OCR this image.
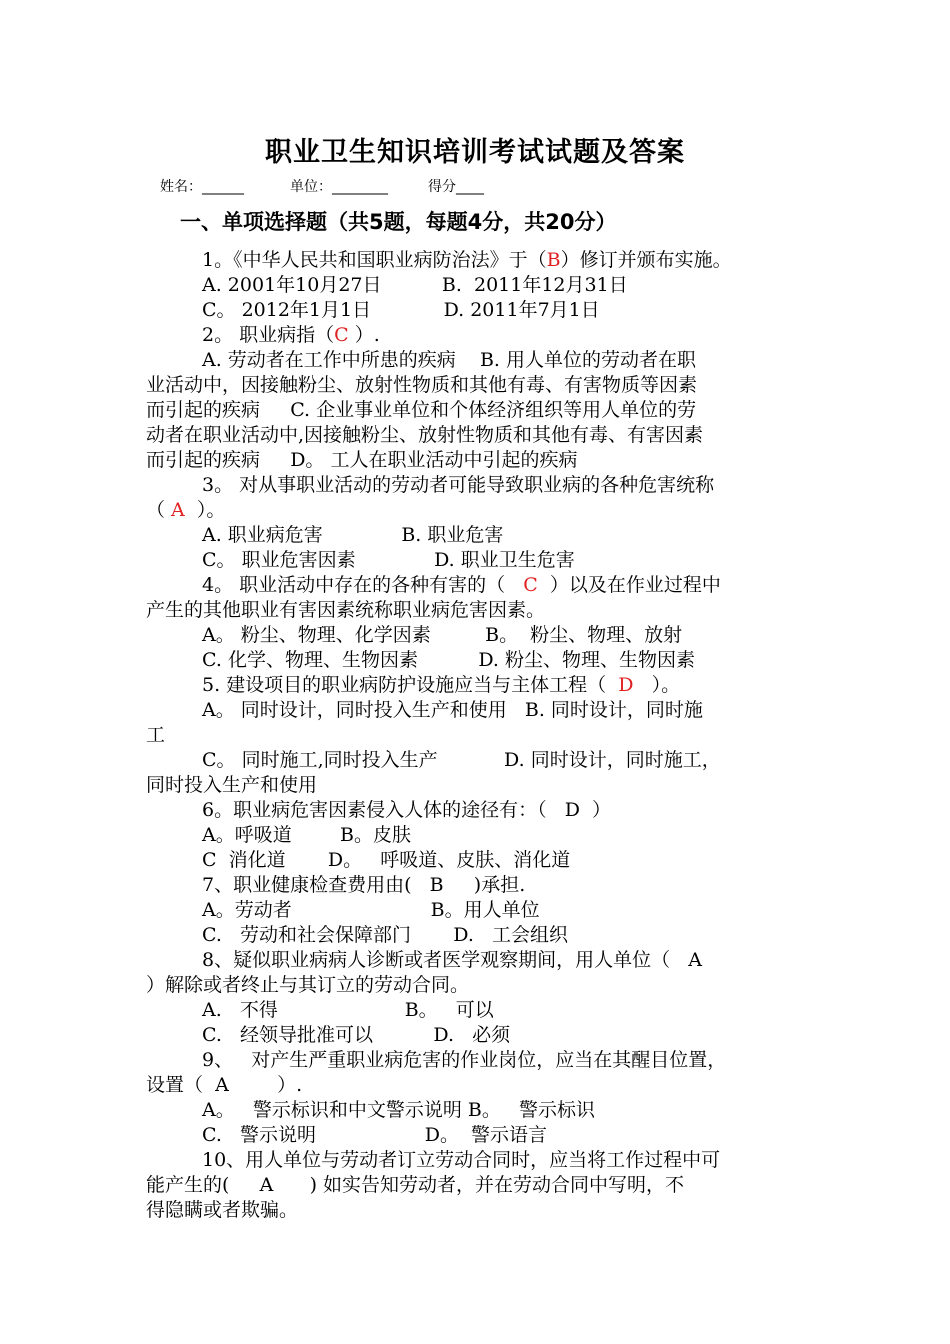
职业卫生知识培训考试试题及答案
姓名：______	单位：________	得分____
一、单项选择题（共5题，每题4分，共20分）
1。《中华人民共和国职业病防治法》于（B）修订并颁布实施。
A. 2001年10月27日          B.  2011年12月31日
C。 2012年1月1日            D. 2011年7月1日
2。 职业病指（C ）.
A. 劳动者在工作中所患的疾病    B. 用人单位的劳动者在职
业活动中，因接触粉尘、放射性物质和其他有毒、有害物质等因素
而引起的疾病     C. 企业事业单位和个体经济组织等用人单位的劳
动者在职业活动中,因接触粉尘、放射性物质和其他有毒、有害因素
而引起的疾病     D。 工人在职业活动中引起的疾病
3。 对从事职业活动的劳动者可能导致职业病的各种危害统称
（ A  ）。
A. 职业病危害             B. 职业危害
C。 职业危害因素             D. 职业卫生危害
4。 职业活动中存在的各种有害的（   C  ）以及在作业过程中
产生的其他职业有害因素统称职业病危害因素。
A。 粉尘、物理、化学因素         B。  粉尘、物理、放射
C. 化学、物理、生物因素          D. 粉尘、物理、生物因素
5. 建设项目的职业病防护设施应当与主体工程（  D   ）。
A。 同时设计，同时投入生产和使用   B. 同时设计，同时施
工
C。 同时施工,同时投入生产           D. 同时设计，同时施工，
同时投入生产和使用
6。职业病危害因素侵入人体的途径有：（   D  ）
A。呼吸道        B。皮肤
C  消化道       D。   呼吸道、皮肤、消化道
7、职业健康检查费用由(   B     )承担.
A。劳动者                       B。用人单位
C.   劳动和社会保障部门       D.   工会组织
8、疑似职业病病人诊断或者医学观察期间，用人单位（   A
）解除或者终止与其订立的劳动合同。
A.   不得                     B。   可以
C.   经领导批准可以          D.   必须
9、   对产生严重职业病危害的作业岗位，应当在其醒目位置，
设置（  A        ）.
A。   警示标识和中文警示说明 B。   警示标识
C.   警示说明                  D。  警示语言
10、用人单位与劳动者订立劳动合同时，应当将工作过程中可
能产生的(     A      ) 如实告知劳动者，并在劳动合同中写明，不
得隐瞒或者欺骗。
